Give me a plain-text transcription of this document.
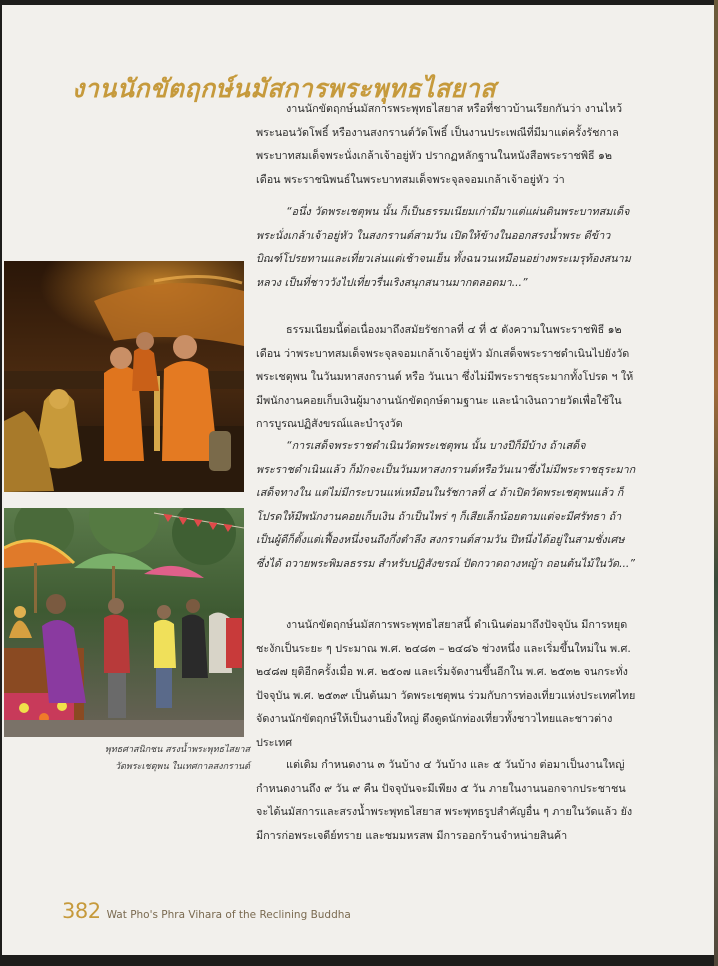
งานนักขัตฤกษ์นมัสการพระพุทธไสยาส

งานนักขัตฤกษ์นมัสการพระพุทธไสยาส หรือที่ชาวบ้านเรียกกันว่า งานไหว้พระนอนวัดโพธิ์ หรืองานสงกรานต์วัดโพธิ์ เป็นงานประเพณีที่มีมาแต่ครั้งรัชกาลพระบาทสมเด็จพระนั่งเกล้าเจ้าอยู่หัว ปรากฏหลักฐานในหนังสือพระราชพิธี ๑๒ เดือน พระราชนิพนธ์ในพระบาทสมเด็จพระจุลจอมเกล้าเจ้าอยู่หัว ว่า

“อนึ่ง วัดพระเชตุพน นั้น ก็เป็นธรรมเนียมเก่ามีมาแต่แผ่นดินพระบาทสมเด็จพระนั่งเกล้าเจ้าอยู่หัว ในสงกรานต์สามวัน เปิดให้ข้างในออกสรงน้ำพระ ดีข้าวบิณฑ์โปรยทานและเที่ยวเล่นแต่เช้าจนเย็น ทั้งฉนวนเหมือนอย่างพระเมรุท้องสนามหลวง เป็นที่ชาววังไปเที่ยวรื่นเริงสนุกสนานมากตลอดมา...”

ธรรมเนียมนี้ต่อเนื่องมาถึงสมัยรัชกาลที่ ๔ ที่ ๕ ดังความในพระราชพิธี ๑๒ เดือน ว่าพระบาทสมเด็จพระจุลจอมเกล้าเจ้าอยู่หัว มักเสด็จพระราชดำเนินไปยังวัดพระเชตุพน ในวันมหาสงกรานต์ หรือ วันเนา ซึ่งไม่มีพระราชธุระมากทั้งโปรด ฯ ให้มีพนักงานคอยเก็บเงินผู้มางานนักขัตฤกษ์ตามฐานะ และนำเงินถวายวัดเพื่อใช้ในการบูรณปฏิสังขรณ์และบำรุงวัด

“การเสด็จพระราชดำเนินวัดพระเชตุพน นั้น บางปีก็มีบ้าง ถ้าเสด็จพระราชดำเนินแล้ว ก็มักจะเป็นวันมหาสงกรานต์หรือวันเนาซึ่งไม่มีพระราชธุระมาก เสด็จทางใน แต่ไม่มีกระบวนแห่เหมือนในรัชกาลที่ ๔ ถ้าเปิดวัดพระเชตุพนแล้ว ก็โปรดให้มีพนักงานคอยเก็บเงิน ถ้าเป็นไพร่ ๆ ก็เสียเล็กน้อยตามแต่จะมีศรัทธา ถ้าเป็นผู้ดีก็ตั้งแต่เฟื้องหนึ่งจนถึงกึ่งตำลึง สงกรานต์สามวัน ปีหนึ่งได้อยู่ในสามชั่งเศษซึ่งได้ ถวายพระพิมลธรรม สำหรับปฏิสังขรณ์ ปัดกวาดถางหญ้า ถอนต้นไม้ในวัด...”

งานนักขัตฤกษ์นมัสการพระพุทธไสยาสนี้ ดำเนินต่อมาถึงปัจจุบัน มีการหยุดชะงักเป็นระยะ ๆ ประมาณ พ.ศ. ๒๔๘๓ – ๒๔๘๖ ช่วงหนึ่ง และเริ่มขึ้นใหม่ใน พ.ศ. ๒๔๘๗ ยุติอีกครั้งเมื่อ พ.ศ. ๒๕๐๗ และเริ่มจัดงานขึ้นอีกใน พ.ศ. ๒๕๓๒ จนกระทั่งปัจจุบัน พ.ศ. ๒๕๓๙ เป็นต้นมา วัดพระเชตุพน ร่วมกับการท่องเที่ยวแห่งประเทศไทย จัดงานนักขัตฤกษ์ให้เป็นงานยิ่งใหญ่ ดึงดูดนักท่องเที่ยวทั้งชาวไทยและชาวต่างประเทศ

แต่เดิม กำหนดงาน ๓ วันบ้าง ๔ วันบ้าง และ ๕ วันบ้าง ต่อมาเป็นงานใหญ่กำหนดงานถึง ๙ วัน ๙ คืน ปัจจุบันจะมีเพียง ๕ วัน ภายในงานนอกจากประชาชนจะได้นมัสการและสรงน้ำพระพุทธไสยาส พระพุทธรูปสำคัญอื่น ๆ ภายในวัดแล้ว ยังมีการก่อพระเจดีย์ทราย และชมมหรสพ มีการออกร้านจำหน่ายสินค้า

พุทธศาสนิกชน สรงน้ำพระพุทธไสยาส
วัดพระเชตุพน ในเทศกาลสงกรานต์
382 Wat Pho's Phra Vihara of the Reclining Buddha
